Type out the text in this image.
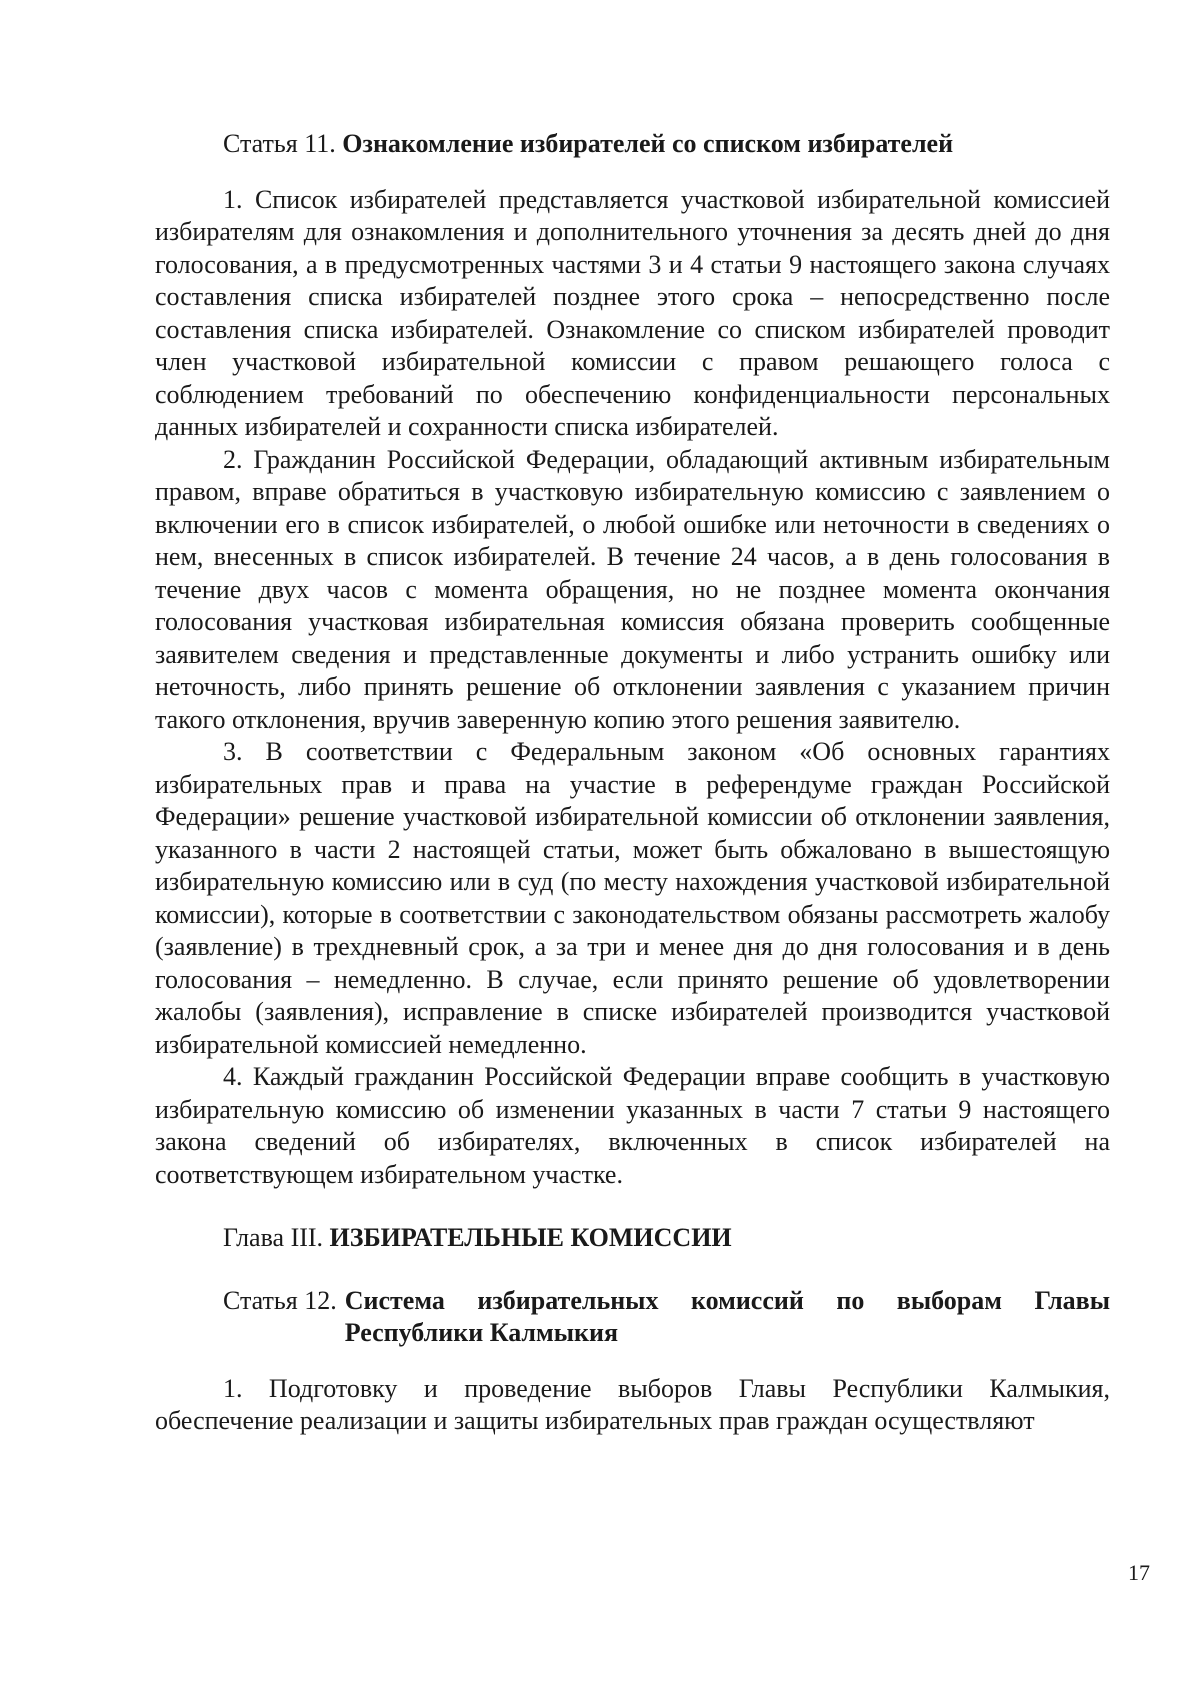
Статья 11. Ознакомление избирателей со списком избирателей

1. Список избирателей представляется участковой избирательной комиссией избирателям для ознакомления и дополнительного уточнения за десять дней до дня голосования, а в предусмотренных частями 3 и 4 статьи 9 настоящего закона случаях составления списка избирателей позднее этого срока – непосредственно после составления списка избирателей. Ознакомление со списком избирателей проводит член участковой избирательной комиссии с правом решающего голоса с соблюдением требований по обеспечению конфиденциальности персональных данных избирателей и сохранности списка избирателей.

2. Гражданин Российской Федерации, обладающий активным избирательным правом, вправе обратиться в участковую избирательную комиссию с заявлением о включении его в список избирателей, о любой ошибке или неточности в сведениях о нем, внесенных в список избирателей. В течение 24 часов, а в день голосования в течение двух часов с момента обращения, но не позднее момента окончания голосования участковая избирательная комиссия обязана проверить сообщенные заявителем сведения и представленные документы и либо устранить ошибку или неточность, либо принять решение об отклонении заявления с указанием причин такого отклонения, вручив заверенную копию этого решения заявителю.

3. В соответствии с Федеральным законом «Об основных гарантиях избирательных прав и права на участие в референдуме граждан Российской Федерации» решение участковой избирательной комиссии об отклонении заявления, указанного в части 2 настоящей статьи, может быть обжаловано в вышестоящую избирательную комиссию или в суд (по месту нахождения участковой избирательной комиссии), которые в соответствии с законодательством обязаны рассмотреть жалобу (заявление) в трехдневный срок, а за три и менее дня до дня голосования и в день голосования – немедленно. В случае, если принято решение об удовлетворении жалобы (заявления), исправление в списке избирателей производится участковой избирательной комиссией немедленно.

4. Каждый гражданин Российской Федерации вправе сообщить в участковую избирательную комиссию об изменении указанных в части 7 статьи 9 настоящего закона сведений об избирателях, включенных в список избирателей на соответствующем избирательном участке.

Глава III. ИЗБИРАТЕЛЬНЫЕ КОМИССИИ
Статья 12. Система избирательных комиссий по выборам Главы Республики Калмыкия

1. Подготовку и проведение выборов Главы Республики Калмыкия, обеспечение реализации и защиты избирательных прав граждан осуществляют

17
